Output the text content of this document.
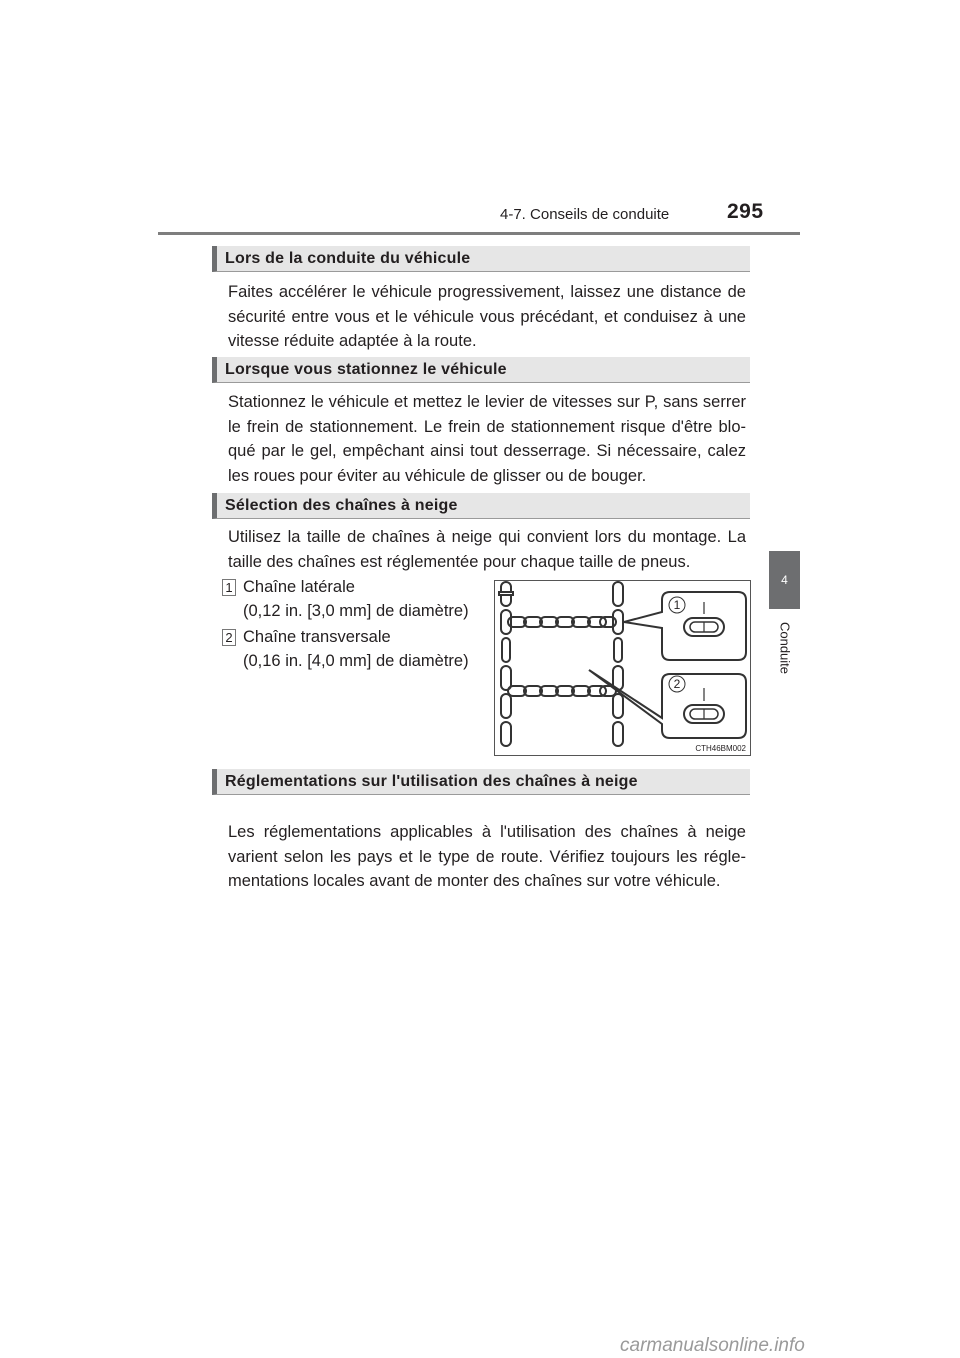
4-7. Conseils de conduite	295
4
Conduite
Lors de la conduite du véhicule
Faites accélérer le véhicule progressivement, laissez une distance de sécurité entre vous et le véhicule vous précédant, et conduisez à une vitesse réduite adaptée à la route.
Lorsque vous stationnez le véhicule
Stationnez le véhicule et mettez le levier de vitesses sur P, sans serrer le frein de stationnement. Le frein de stationnement risque d'être blo- qué par le gel, empêchant ainsi tout desserrage. Si nécessaire, calez les roues pour éviter au véhicule de glisser ou de bouger.
Sélection des chaînes à neige
Utilisez la taille de chaînes à neige qui convient lors du montage. La taille des chaînes est réglementée pour chaque taille de pneus.
1 Chaîne latérale
(0,12 in. [3,0 mm] de diamètre)
2 Chaîne transversale
(0,16 in. [4,0 mm] de diamètre)
1
2
CTH46BM002
Réglementations sur l'utilisation des chaînes à neige
Les réglementations applicables à l'utilisation des chaînes à neige varient selon les pays et le type de route. Vérifiez toujours les régle- mentations locales avant de monter des chaînes sur votre véhicule.
carmanualsonline.info
